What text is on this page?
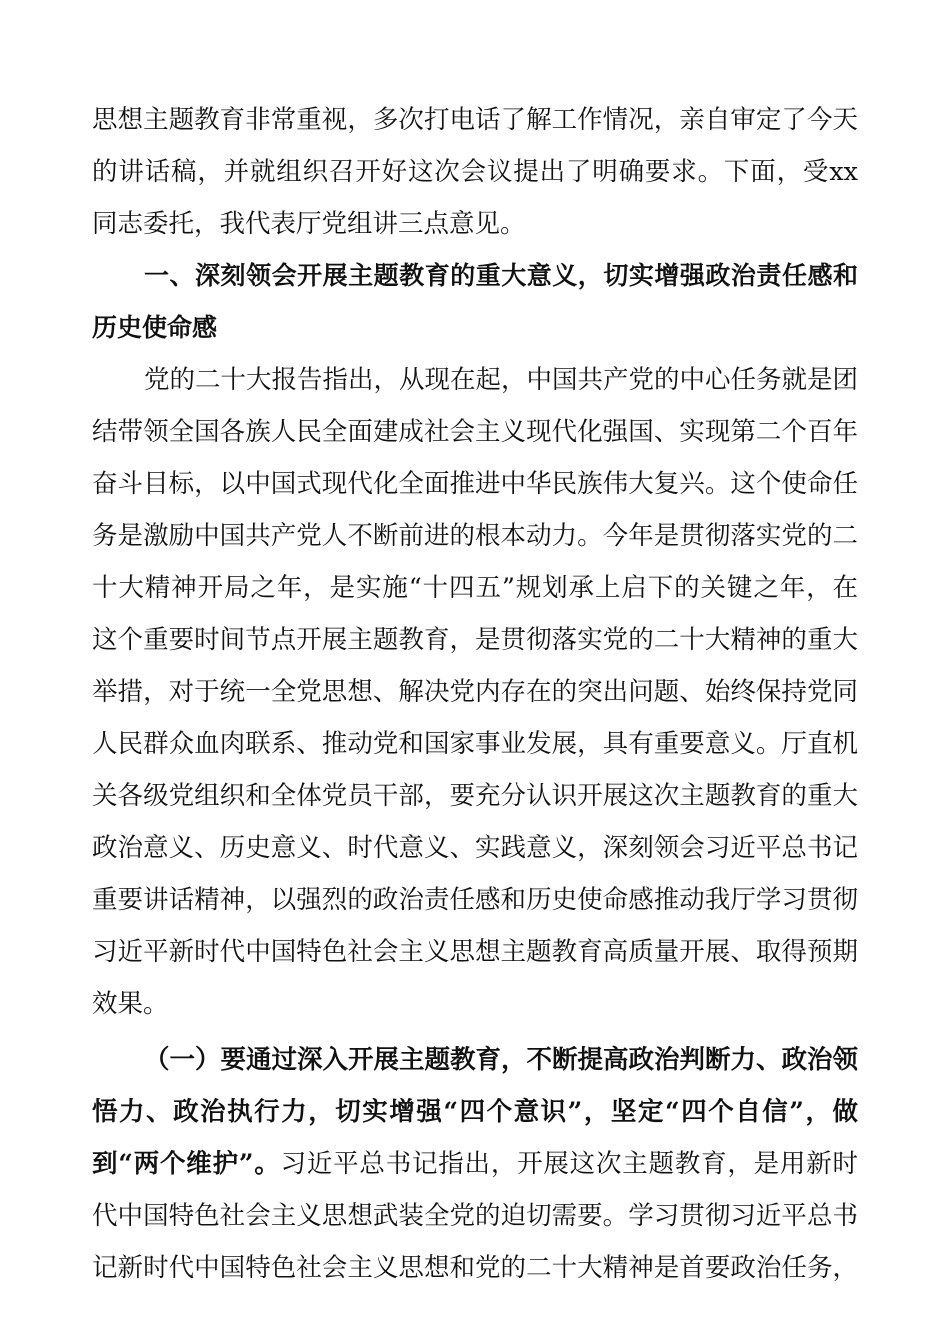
思想主题教育非常重视，多次打电话了解工作情况，亲自审定了今天
的讲话稿，并就组织召开好这次会议提出了明确要求。下面，受xx
同志委托，我代表厅党组讲三点意见。
一、深刻领会开展主题教育的重大意义，切实增强政治责任感和
历史使命感
党的二十大报告指出，从现在起，中国共产党的中心任务就是团
结带领全国各族人民全面建成社会主义现代化强国、实现第二个百年
奋斗目标，以中国式现代化全面推进中华民族伟大复兴。这个使命任
务是激励中国共产党人不断前进的根本动力。今年是贯彻落实党的二
十大精神开局之年，是实施“十四五”规划承上启下的关键之年，在
这个重要时间节点开展主题教育，是贯彻落实党的二十大精神的重大
举措，对于统一全党思想、解决党内存在的突出问题、始终保持党同
人民群众血肉联系、推动党和国家事业发展，具有重要意义。厅直机
关各级党组织和全体党员干部，要充分认识开展这次主题教育的重大
政治意义、历史意义、时代意义、实践意义，深刻领会习近平总书记
重要讲话精神，以强烈的政治责任感和历史使命感推动我厅学习贯彻
习近平新时代中国特色社会主义思想主题教育高质量开展、取得预期
效果。
（一）要通过深入开展主题教育，不断提高政治判断力、政治领
悟力、政治执行力，切实增强“四个意识”，坚定“四个自信”，做
到“两个维护”。习近平总书记指出，开展这次主题教育，是用新时
代中国特色社会主义思想武装全党的迫切需要。学习贯彻习近平总书
记新时代中国特色社会主义思想和党的二十大精神是首要政治任务，
